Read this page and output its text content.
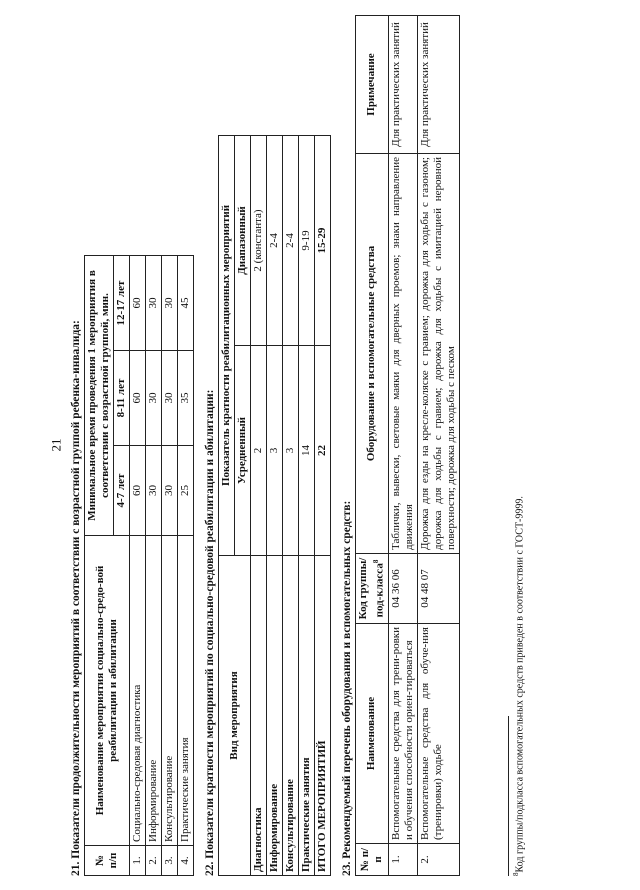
21 21. Показатели продолжительности мероприятий в соответствии с возрастной группой ребенка-инвалида: № п/п	Наименование мероприятия социально-средо-вой реабилитации и абилитации	Минимальное время проведения 1 мероприятия в соответствии с возрастной группой, мин.		
		4-7 лет	8-11 лет	12-17 лет
1.	Социально-средовая диагностика	60	60	60
2.	Информирование	30	30	30
3.	Консультирование	30	30	30
4.	Практические занятия	25	35	45
22. Показатели кратности мероприятий по социально-средовой реабилитации и абилитации: Вид мероприятия	Показатель кратности реабилитационных мероприятий	
	Усредненный	Диапазонный
Диагностика	2	2 (константа)
Информирование	3	2-4
Консультирование	3	2-4
Практические занятия	14	9-19
ИТОГО МЕРОПРИЯТИЙ	22	15-29
23. Рекомендуемый перечень оборудования и вспомогательных средств: № п/п	Наименование	Код группы/под-класса$^8$	Оборудование и вспомогательные средства	Примечание
1.	Вспомогательные средства для трени-ровки и обучения способности ориен-тироваться	04 36 06	Таблички, вывески, световые маяки для дверных проемов; знаки направление движения	Для практических занятий
2.	Вспомогательные средства для обуче-ния (тренировки) ходьбе	04 48 07	Дорожка для езды на кресле-коляске с гравием; дорожка для ходьбы с газоном; дорожка для ходьбы с гравием; дорожка для ходьбы с имитацией неровной поверхности; дорожка для ходьбы с песком	Для практических занятий
$^8$Код группы/подкласса вспомогательных средств приведен в соответствии с ГОСТ-9999.
